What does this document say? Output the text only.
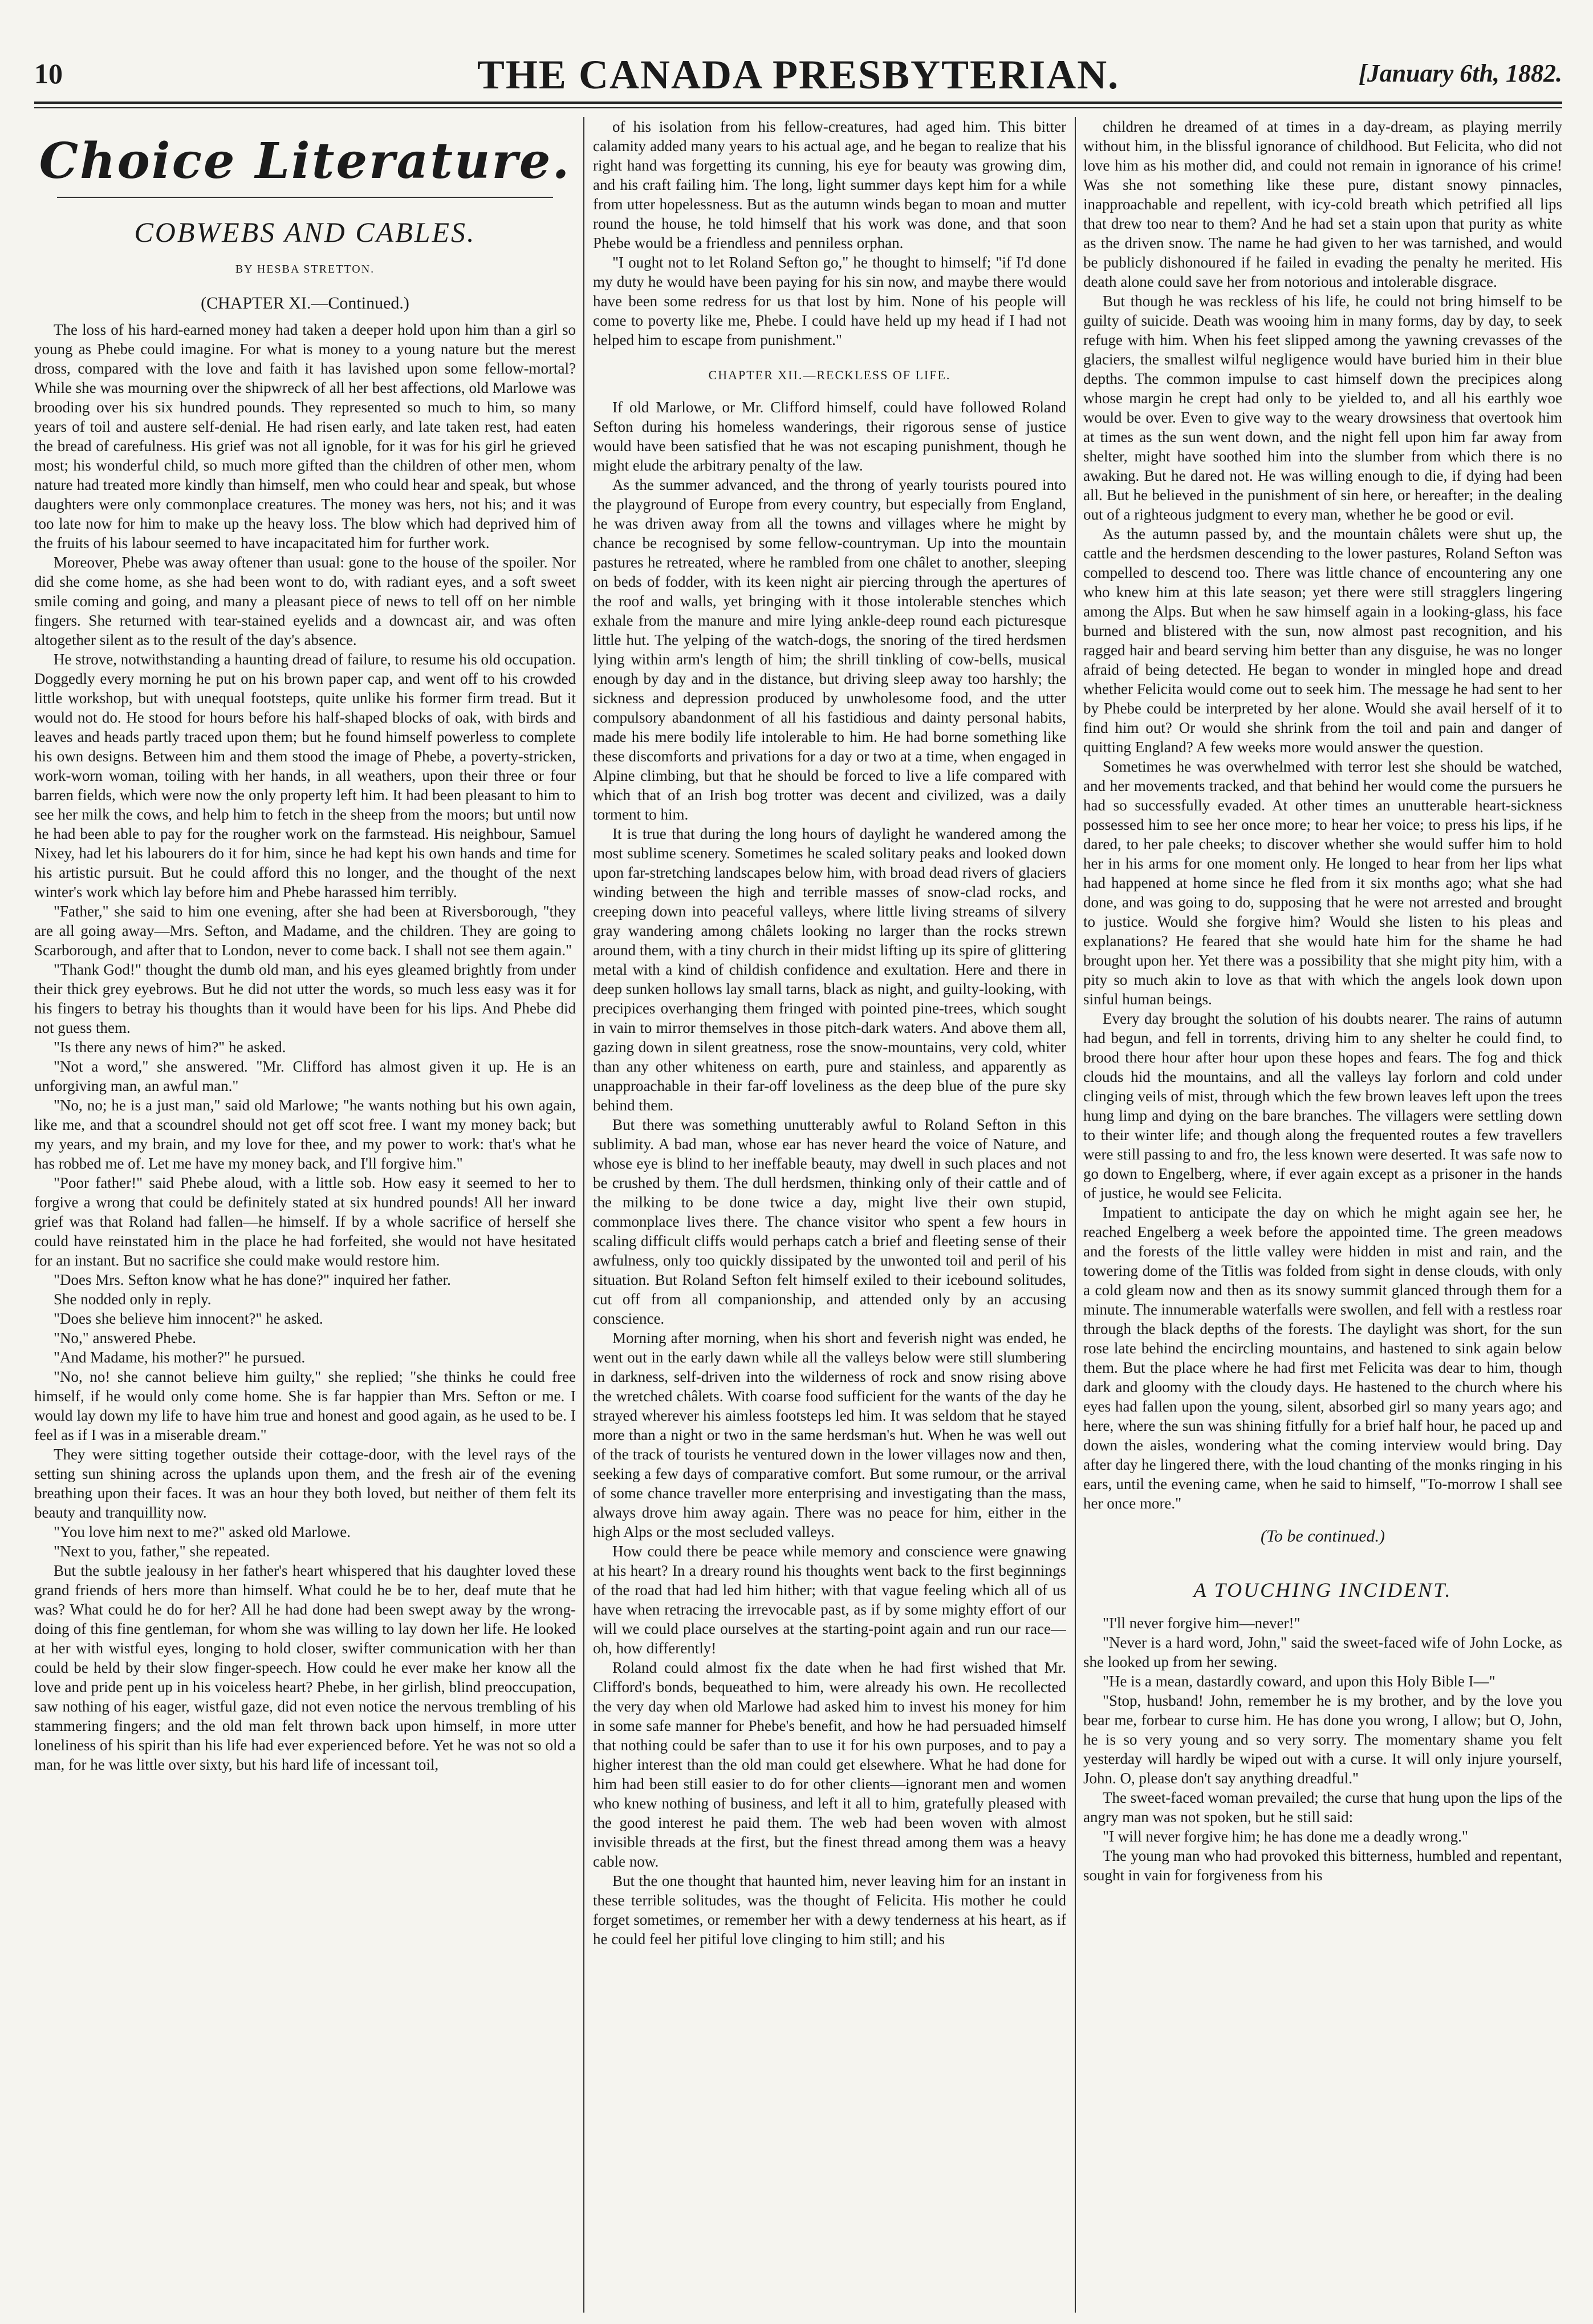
10	THE CANADA PRESBYTERIAN.	[January 6th, 1882.
Choice Literature.
COBWEBS AND CABLES.
BY HESBA STRETTON.
(CHAPTER XI.—Continued.)

The loss of his hard-earned money had taken a deeper hold upon him than a girl so young as Phebe could imagine. For what is money to a young nature but the merest dross, compared with the love and faith it has lavished upon some fellow-mortal? While she was mourning over the shipwreck of all her best affections, old Marlowe was brooding over his six hundred pounds. They represented so much to him, so many years of toil and austere self-denial. He had risen early, and late taken rest, had eaten the bread of carefulness. His grief was not all ignoble, for it was for his girl he grieved most; his wonderful child, so much more gifted than the children of other men, whom nature had treated more kindly than himself, men who could hear and speak, but whose daughters were only commonplace creatures. The money was hers, not his; and it was too late now for him to make up the heavy loss. The blow which had deprived him of the fruits of his labour seemed to have incapacitated him for further work.

Moreover, Phebe was away oftener than usual: gone to the house of the spoiler. Nor did she come home, as she had been wont to do, with radiant eyes, and a soft sweet smile coming and going, and many a pleasant piece of news to tell off on her nimble fingers. She returned with tear-stained eyelids and a downcast air, and was often altogether silent as to the result of the day's absence.

He strove, notwithstanding a haunting dread of failure, to resume his old occupation. Doggedly every morning he put on his brown paper cap, and went off to his crowded little workshop, but with unequal footsteps, quite unlike his former firm tread. But it would not do. He stood for hours before his half-shaped blocks of oak, with birds and leaves and heads partly traced upon them; but he found himself powerless to complete his own designs. Between him and them stood the image of Phebe, a poverty-stricken, work-worn woman, toiling with her hands, in all weathers, upon their three or four barren fields, which were now the only property left him. It had been pleasant to him to see her milk the cows, and help him to fetch in the sheep from the moors; but until now he had been able to pay for the rougher work on the farmstead. His neighbour, Samuel Nixey, had let his labourers do it for him, since he had kept his own hands and time for his artistic pursuit. But he could afford this no longer, and the thought of the next winter's work which lay before him and Phebe harassed him terribly.

"Father," she said to him one evening, after she had been at Riversborough, "they are all going away—Mrs. Sefton, and Madame, and the children. They are going to Scarborough, and after that to London, never to come back. I shall not see them again."

"Thank God!" thought the dumb old man, and his eyes gleamed brightly from under their thick grey eyebrows. But he did not utter the words, so much less easy was it for his fingers to betray his thoughts than it would have been for his lips. And Phebe did not guess them.

"Is there any news of him?" he asked.

"Not a word," she answered. "Mr. Clifford has almost given it up. He is an unforgiving man, an awful man."

"No, no; he is a just man," said old Marlowe; "he wants nothing but his own again, like me, and that a scoundrel should not get off scot free. I want my money back; but my years, and my brain, and my love for thee, and my power to work: that's what he has robbed me of. Let me have my money back, and I'll forgive him."

"Poor father!" said Phebe aloud, with a little sob. How easy it seemed to her to forgive a wrong that could be definitely stated at six hundred pounds! All her inward grief was that Roland had fallen—he himself. If by a whole sacrifice of herself she could have reinstated him in the place he had forfeited, she would not have hesitated for an instant. But no sacrifice she could make would restore him.

"Does Mrs. Sefton know what he has done?" inquired her father.

She nodded only in reply.

"Does she believe him innocent?" he asked.

"No," answered Phebe.

"And Madame, his mother?" he pursued.

"No, no! she cannot believe him guilty," she replied; "she thinks he could free himself, if he would only come home. She is far happier than Mrs. Sefton or me. I would lay down my life to have him true and honest and good again, as he used to be. I feel as if I was in a miserable dream."

They were sitting together outside their cottage-door, with the level rays of the setting sun shining across the uplands upon them, and the fresh air of the evening breathing upon their faces. It was an hour they both loved, but neither of them felt its beauty and tranquillity now.

"You love him next to me?" asked old Marlowe.

"Next to you, father," she repeated.

But the subtle jealousy in her father's heart whispered that his daughter loved these grand friends of hers more than himself. What could he be to her, deaf mute that he was? What could he do for her? All he had done had been swept away by the wrong-doing of this fine gentleman, for whom she was willing to lay down her life. He looked at her with wistful eyes, longing to hold closer, swifter communication with her than could be held by their slow finger-speech. How could he ever make her know all the love and pride pent up in his voiceless heart? Phebe, in her girlish, blind preoccupation, saw nothing of his eager, wistful gaze, did not even notice the nervous trembling of his stammering fingers; and the old man felt thrown back upon himself, in more utter loneliness of his spirit than his life had ever experienced before. Yet he was not so old a man, for he was little over sixty, but his hard life of incessant toil,

of his isolation from his fellow-creatures, had aged him. This bitter calamity added many years to his actual age, and he began to realize that his right hand was forgetting its cunning, his eye for beauty was growing dim, and his craft failing him. The long, light summer days kept him for a while from utter hopelessness. But as the autumn winds began to moan and mutter round the house, he told himself that his work was done, and that soon Phebe would be a friendless and penniless orphan.

"I ought not to let Roland Sefton go," he thought to himself; "if I'd done my duty he would have been paying for his sin now, and maybe there would have been some redress for us that lost by him. None of his people will come to poverty like me, Phebe. I could have held up my head if I had not helped him to escape from punishment."

CHAPTER XII.—RECKLESS OF LIFE.

If old Marlowe, or Mr. Clifford himself, could have followed Roland Sefton during his homeless wanderings, their rigorous sense of justice would have been satisfied that he was not escaping punishment, though he might elude the arbitrary penalty of the law.

As the summer advanced, and the throng of yearly tourists poured into the playground of Europe from every country, but especially from England, he was driven away from all the towns and villages where he might by chance be recognised by some fellow-countryman. Up into the mountain pastures he retreated, where he rambled from one châlet to another, sleeping on beds of fodder, with its keen night air piercing through the apertures of the roof and walls, yet bringing with it those intolerable stenches which exhale from the manure and mire lying ankle-deep round each picturesque little hut. The yelping of the watch-dogs, the snoring of the tired herdsmen lying within arm's length of him; the shrill tinkling of cow-bells, musical enough by day and in the distance, but driving sleep away too harshly; the sickness and depression produced by unwholesome food, and the utter compulsory abandonment of all his fastidious and dainty personal habits, made his mere bodily life intolerable to him. He had borne something like these discomforts and privations for a day or two at a time, when engaged in Alpine climbing, but that he should be forced to live a life compared with which that of an Irish bog trotter was decent and civilized, was a daily torment to him.

It is true that during the long hours of daylight he wandered among the most sublime scenery. Sometimes he scaled solitary peaks and looked down upon far-stretching landscapes below him, with broad dead rivers of glaciers winding between the high and terrible masses of snow-clad rocks, and creeping down into peaceful valleys, where little living streams of silvery gray wandering among châlets looking no larger than the rocks strewn around them, with a tiny church in their midst lifting up its spire of glittering metal with a kind of childish confidence and exultation. Here and there in deep sunken hollows lay small tarns, black as night, and guilty-looking, with precipices overhanging them fringed with pointed pine-trees, which sought in vain to mirror themselves in those pitch-dark waters. And above them all, gazing down in silent greatness, rose the snow-mountains, very cold, whiter than any other whiteness on earth, pure and stainless, and apparently as unapproachable in their far-off loveliness as the deep blue of the pure sky behind them.

But there was something unutterably awful to Roland Sefton in this sublimity. A bad man, whose ear has never heard the voice of Nature, and whose eye is blind to her ineffable beauty, may dwell in such places and not be crushed by them. The dull herdsmen, thinking only of their cattle and of the milking to be done twice a day, might live their own stupid, commonplace lives there. The chance visitor who spent a few hours in scaling difficult cliffs would perhaps catch a brief and fleeting sense of their awfulness, only too quickly dissipated by the unwonted toil and peril of his situation. But Roland Sefton felt himself exiled to their icebound solitudes, cut off from all companionship, and attended only by an accusing conscience.

Morning after morning, when his short and feverish night was ended, he went out in the early dawn while all the valleys below were still slumbering in darkness, self-driven into the wilderness of rock and snow rising above the wretched châlets. With coarse food sufficient for the wants of the day he strayed wherever his aimless footsteps led him. It was seldom that he stayed more than a night or two in the same herdsman's hut. When he was well out of the track of tourists he ventured down in the lower villages now and then, seeking a few days of comparative comfort. But some rumour, or the arrival of some chance traveller more enterprising and investigating than the mass, always drove him away again. There was no peace for him, either in the high Alps or the most secluded valleys.

How could there be peace while memory and conscience were gnawing at his heart? In a dreary round his thoughts went back to the first beginnings of the road that had led him hither; with that vague feeling which all of us have when retracing the irrevocable past, as if by some mighty effort of our will we could place ourselves at the starting-point again and run our race—oh, how differently!

Roland could almost fix the date when he had first wished that Mr. Clifford's bonds, bequeathed to him, were already his own. He recollected the very day when old Marlowe had asked him to invest his money for him in some safe manner for Phebe's benefit, and how he had persuaded himself that nothing could be safer than to use it for his own purposes, and to pay a higher interest than the old man could get elsewhere. What he had done for him had been still easier to do for other clients—ignorant men and women who knew nothing of business, and left it all to him, gratefully pleased with the good interest he paid them. The web had been woven with almost invisible threads at the first, but the finest thread among them was a heavy cable now.

But the one thought that haunted him, never leaving him for an instant in these terrible solitudes, was the thought of Felicita. His mother he could forget sometimes, or remember her with a dewy tenderness at his heart, as if he could feel her pitiful love clinging to him still; and his

children he dreamed of at times in a day-dream, as playing merrily without him, in the blissful ignorance of childhood. But Felicita, who did not love him as his mother did, and could not remain in ignorance of his crime! Was she not something like these pure, distant snowy pinnacles, inapproachable and repellent, with icy-cold breath which petrified all lips that drew too near to them? And he had set a stain upon that purity as white as the driven snow. The name he had given to her was tarnished, and would be publicly dishonoured if he failed in evading the penalty he merited. His death alone could save her from notorious and intolerable disgrace.

But though he was reckless of his life, he could not bring himself to be guilty of suicide. Death was wooing him in many forms, day by day, to seek refuge with him. When his feet slipped among the yawning crevasses of the glaciers, the smallest wilful negligence would have buried him in their blue depths. The common impulse to cast himself down the precipices along whose margin he crept had only to be yielded to, and all his earthly woe would be over. Even to give way to the weary drowsiness that overtook him at times as the sun went down, and the night fell upon him far away from shelter, might have soothed him into the slumber from which there is no awaking. But he dared not. He was willing enough to die, if dying had been all. But he believed in the punishment of sin here, or hereafter; in the dealing out of a righteous judgment to every man, whether he be good or evil.

As the autumn passed by, and the mountain châlets were shut up, the cattle and the herdsmen descending to the lower pastures, Roland Sefton was compelled to descend too. There was little chance of encountering any one who knew him at this late season; yet there were still stragglers lingering among the Alps. But when he saw himself again in a looking-glass, his face burned and blistered with the sun, now almost past recognition, and his ragged hair and beard serving him better than any disguise, he was no longer afraid of being detected. He began to wonder in mingled hope and dread whether Felicita would come out to seek him. The message he had sent to her by Phebe could be interpreted by her alone. Would she avail herself of it to find him out? Or would she shrink from the toil and pain and danger of quitting England? A few weeks more would answer the question.

Sometimes he was overwhelmed with terror lest she should be watched, and her movements tracked, and that behind her would come the pursuers he had so successfully evaded. At other times an unutterable heart-sickness possessed him to see her once more; to hear her voice; to press his lips, if he dared, to her pale cheeks; to discover whether she would suffer him to hold her in his arms for one moment only. He longed to hear from her lips what had happened at home since he fled from it six months ago; what she had done, and was going to do, supposing that he were not arrested and brought to justice. Would she forgive him? Would she listen to his pleas and explanations? He feared that she would hate him for the shame he had brought upon her. Yet there was a possibility that she might pity him, with a pity so much akin to love as that with which the angels look down upon sinful human beings.

Every day brought the solution of his doubts nearer. The rains of autumn had begun, and fell in torrents, driving him to any shelter he could find, to brood there hour after hour upon these hopes and fears. The fog and thick clouds hid the mountains, and all the valleys lay forlorn and cold under clinging veils of mist, through which the few brown leaves left upon the trees hung limp and dying on the bare branches. The villagers were settling down to their winter life; and though along the frequented routes a few travellers were still passing to and fro, the less known were deserted. It was safe now to go down to Engelberg, where, if ever again except as a prisoner in the hands of justice, he would see Felicita.

Impatient to anticipate the day on which he might again see her, he reached Engelberg a week before the appointed time. The green meadows and the forests of the little valley were hidden in mist and rain, and the towering dome of the Titlis was folded from sight in dense clouds, with only a cold gleam now and then as its snowy summit glanced through them for a minute. The innumerable waterfalls were swollen, and fell with a restless roar through the black depths of the forests. The daylight was short, for the sun rose late behind the encircling mountains, and hastened to sink again below them. But the place where he had first met Felicita was dear to him, though dark and gloomy with the cloudy days. He hastened to the church where his eyes had fallen upon the young, silent, absorbed girl so many years ago; and here, where the sun was shining fitfully for a brief half hour, he paced up and down the aisles, wondering what the coming interview would bring. Day after day he lingered there, with the loud chanting of the monks ringing in his ears, until the evening came, when he said to himself, "To-morrow I shall see her once more."

(To be continued.)
A TOUCHING INCIDENT.

"I'll never forgive him—never!"

"Never is a hard word, John," said the sweet-faced wife of John Locke, as she looked up from her sewing.

"He is a mean, dastardly coward, and upon this Holy Bible I—"

"Stop, husband! John, remember he is my brother, and by the love you bear me, forbear to curse him. He has done you wrong, I allow; but O, John, he is so very young and so very sorry. The momentary shame you felt yesterday will hardly be wiped out with a curse. It will only injure yourself, John. O, please don't say anything dreadful."

The sweet-faced woman prevailed; the curse that hung upon the lips of the angry man was not spoken, but he still said:

"I will never forgive him; he has done me a deadly wrong."

The young man who had provoked this bitterness, humbled and repentant, sought in vain for forgiveness from his
